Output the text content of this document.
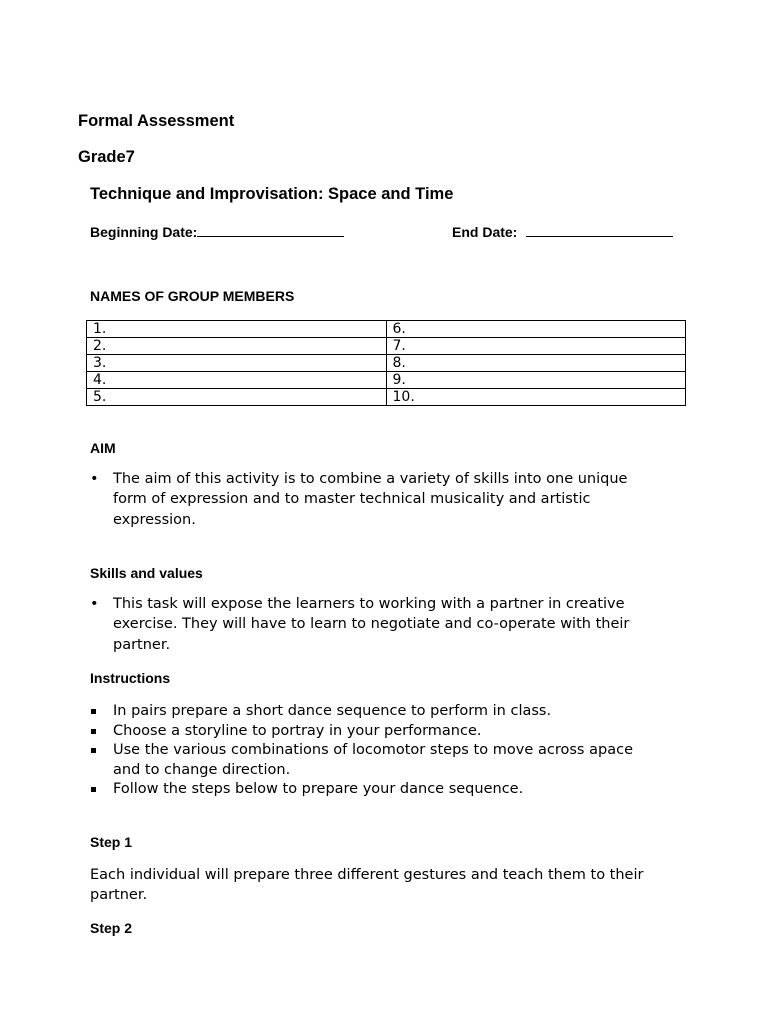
Formal Assessment
Grade7
Technique and Improvisation: Space and Time
Beginning Date:	End Date:
NAMES OF GROUP MEMBERS
1.	6.
2.	7.
3.	8.
4.	9.
5.	10.
AIM
• The aim of this activity is to combine a variety of skills into one unique form of expression and to master technical musicality and artistic expression.
Skills and values
• This task will expose the learners to working with a partner in creative exercise. They will have to learn to negotiate and co-operate with their partner.
Instructions
In pairs prepare a short dance sequence to perform in class.
Choose a storyline to portray in your performance.
Use the various combinations of locomotor steps to move across apace and to change direction.
Follow the steps below to prepare your dance sequence.
Step 1
Each individual will prepare three different gestures and teach them to their partner.
Step 2
